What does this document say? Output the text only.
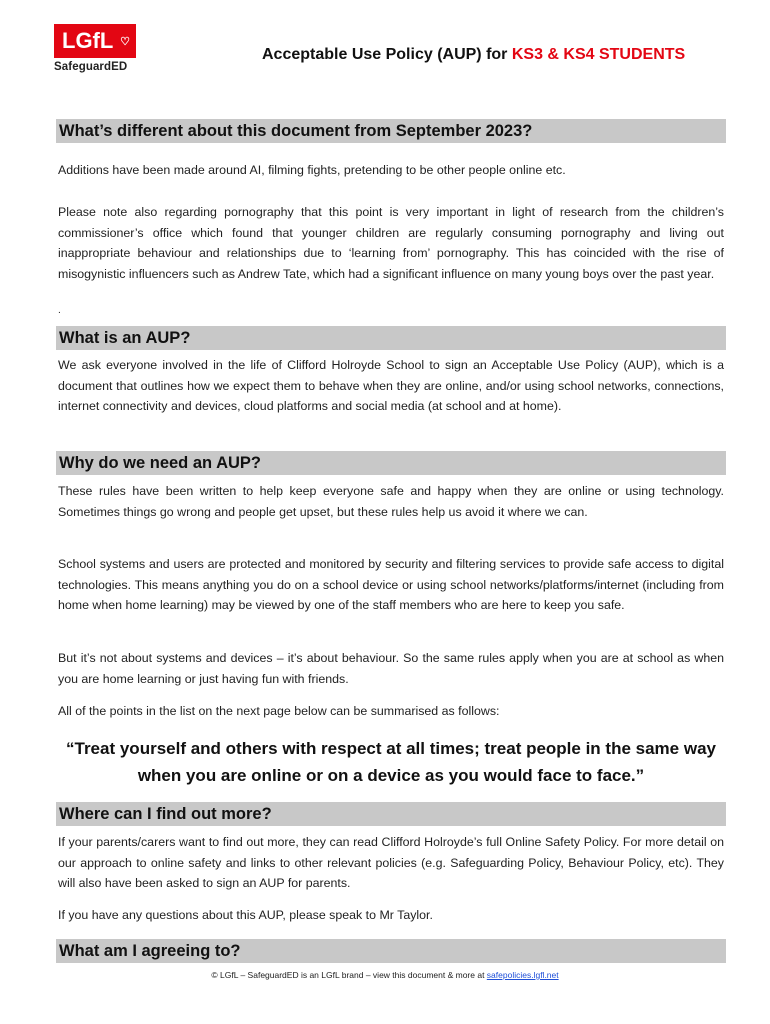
LGfL ♡
SafeguardED
Acceptable Use Policy (AUP) for KS3 & KS4 STUDENTS
What’s different about this document from September 2023?

Additions have been made around AI, filming fights, pretending to be other people online etc.

Please note also regarding pornography that this point is very important in light of research from the children’s commissioner’s office which found that younger children are regularly consuming pornography and living out inappropriate behaviour and relationships due to ‘learning from’ pornography. This has coincided with the rise of misogynistic influencers such as Andrew Tate, which had a significant influence on many young boys over the past year.

.
What is an AUP?

We ask everyone involved in the life of Clifford Holroyde School to sign an Acceptable Use Policy (AUP), which is a document that outlines how we expect them to behave when they are online, and/or using school networks, connections, internet connectivity and devices, cloud platforms and social media (at school and at home).

Why do we need an AUP?

These rules have been written to help keep everyone safe and happy when they are online or using technology. Sometimes things go wrong and people get upset, but these rules help us avoid it where we can.

School systems and users are protected and monitored by security and filtering services to provide safe access to digital technologies. This means anything you do on a school device or using school networks/platforms/internet (including from home when home learning) may be viewed by one of the staff members who are here to keep you safe.

But it’s not about systems and devices – it’s about behaviour. So the same rules apply when you are at school as when you are home learning or just having fun with friends.

All of the points in the list on the next page below can be summarised as follows:

“Treat yourself and others with respect at all times; treat people in the same way when you are online or on a device as you would face to face.”
Where can I find out more?

If your parents/carers want to find out more, they can read Clifford Holroyde’s full Online Safety Policy. For more detail on our approach to online safety and links to other relevant policies (e.g. Safeguarding Policy, Behaviour Policy, etc). They will also have been asked to sign an AUP for parents.

If you have any questions about this AUP, please speak to Mr Taylor.

What am I agreeing to?
© LGfL – SafeguardED is an LGfL brand – view this document & more at safepolicies.lgfl.net
